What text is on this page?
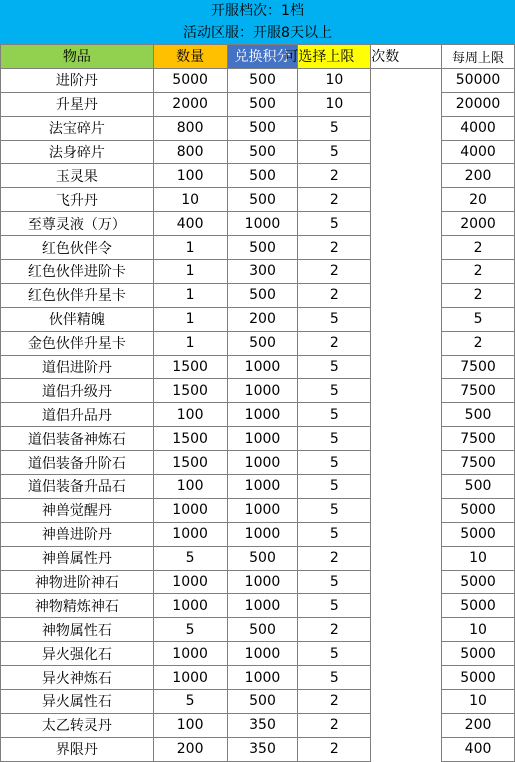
开服档次：1档
活动区服：开服8天以上
物品	数量	兑换积分	可选择上限	次数	每周上限
进阶丹	5000	500	10		50000
升星丹	2000	500	10		20000
法宝碎片	800	500	5		4000
法身碎片	800	500	5		4000
玉灵果	100	500	2		200
飞升丹	10	500	2		20
至尊灵液（万）	400	1000	5		2000
红色伙伴令	1	500	2		2
红色伙伴进阶卡	1	300	2		2
红色伙伴升星卡	1	500	2		2
伙伴精魄	1	200	5		5
金色伙伴升星卡	1	500	2		2
道侣进阶丹	1500	1000	5		7500
道侣升级丹	1500	1000	5		7500
道侣升品丹	100	1000	5		500
道侣装备神炼石	1500	1000	5		7500
道侣装备升阶石	1500	1000	5		7500
道侣装备升品石	100	1000	5		500
神兽觉醒丹	1000	1000	5		5000
神兽进阶丹	1000	1000	5		5000
神兽属性丹	5	500	2		10
神物进阶神石	1000	1000	5		5000
神物精炼神石	1000	1000	5		5000
神物属性石	5	500	2		10
异火强化石	1000	1000	5		5000
异火神炼石	1000	1000	5		5000
异火属性石	5	500	2		10
太乙转灵丹	100	350	2		200
界限丹	200	350	2		400
